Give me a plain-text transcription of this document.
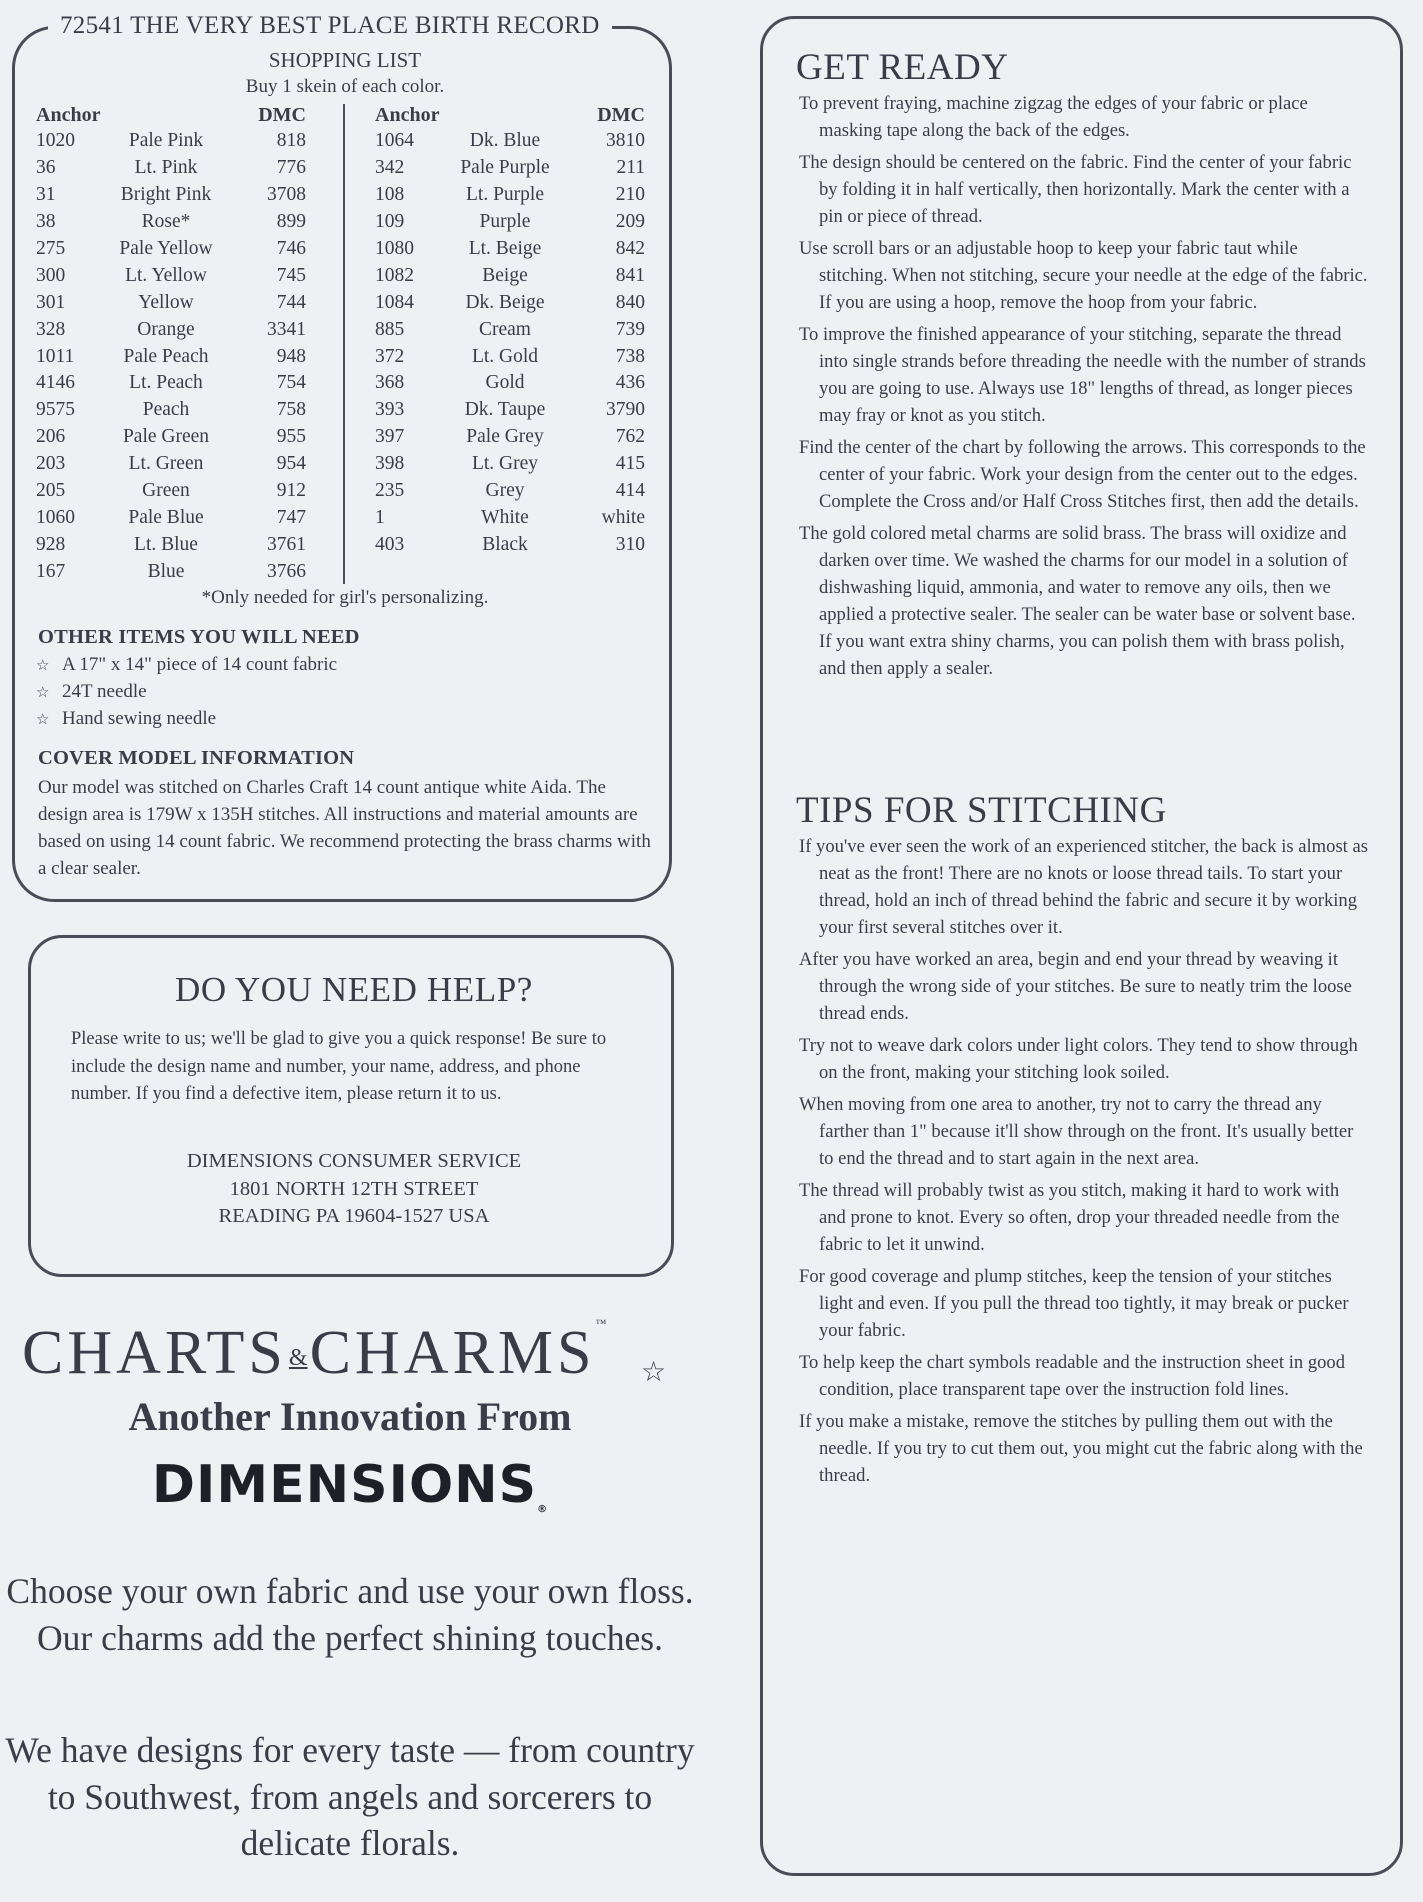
72541 THE VERY BEST PLACE BIRTH RECORD
SHOPPING LIST
Buy 1 skein of each color.
Anchor		DMC
1020	Pale Pink	818
36	Lt. Pink	776
31	Bright Pink	3708
38	Rose*	899
275	Pale Yellow	746
300	Lt. Yellow	745
301	Yellow	744
328	Orange	3341
1011	Pale Peach	948
4146	Lt. Peach	754
9575	Peach	758
206	Pale Green	955
203	Lt. Green	954
205	Green	912
1060	Pale Blue	747
928	Lt. Blue	3761
167	Blue	3766
Anchor		DMC
1064	Dk. Blue	3810
342	Pale Purple	211
108	Lt. Purple	210
109	Purple	209
1080	Lt. Beige	842
1082	Beige	841
1084	Dk. Beige	840
885	Cream	739
372	Lt. Gold	738
368	Gold	436
393	Dk. Taupe	3790
397	Pale Grey	762
398	Lt. Grey	415
235	Grey	414
1	White	white
403	Black	310
*Only needed for girl's personalizing.
OTHER ITEMS YOU WILL NEED
☆ A 17" x 14" piece of 14 count fabric
☆ 24T needle
☆ Hand sewing needle
COVER MODEL INFORMATION
Our model was stitched on Charles Craft 14 count antique white Aida. The design area is 179W x 135H stitches. All instructions and material amounts are based on using 14 count fabric. We recommend protecting the brass charms with a clear sealer.
DO YOU NEED HELP?
Please write to us; we'll be glad to give you a quick response! Be sure to include the design name and number, your name, address, and phone number. If you find a defective item, please return it to us.
DIMENSIONS CONSUMER SERVICE
1801 NORTH 12TH STREET
READING PA 19604-1527 USA
CHARTS&CHARMS™
☆
Another Innovation From
DIMENSIONS®
Choose your own fabric and use your own floss. Our charms add the perfect shining touches.
We have designs for every taste — from country to Southwest, from angels and sorcerers to delicate florals.
GET READY

To prevent fraying, machine zigzag the edges of your fabric or place masking tape along the back of the edges.

The design should be centered on the fabric. Find the center of your fabric by folding it in half vertically, then horizontally. Mark the center with a pin or piece of thread.

Use scroll bars or an adjustable hoop to keep your fabric taut while stitching. When not stitching, secure your needle at the edge of the fabric. If you are using a hoop, remove the hoop from your fabric.

To improve the finished appearance of your stitching, separate the thread into single strands before threading the needle with the number of strands you are going to use. Always use 18" lengths of thread, as longer pieces may fray or knot as you stitch.

Find the center of the chart by following the arrows. This corresponds to the center of your fabric. Work your design from the center out to the edges. Complete the Cross and/or Half Cross Stitches first, then add the details.

The gold colored metal charms are solid brass. The brass will oxidize and darken over time. We washed the charms for our model in a solution of dishwashing liquid, ammonia, and water to remove any oils, then we applied a protective sealer. The sealer can be water base or solvent base. If you want extra shiny charms, you can polish them with brass polish, and then apply a sealer.

TIPS FOR STITCHING

If you've ever seen the work of an experienced stitcher, the back is almost as neat as the front! There are no knots or loose thread tails. To start your thread, hold an inch of thread behind the fabric and secure it by working your first several stitches over it.

After you have worked an area, begin and end your thread by weaving it through the wrong side of your stitches. Be sure to neatly trim the loose thread ends.

Try not to weave dark colors under light colors. They tend to show through on the front, making your stitching look soiled.

When moving from one area to another, try not to carry the thread any farther than 1" because it'll show through on the front. It's usually better to end the thread and to start again in the next area.

The thread will probably twist as you stitch, making it hard to work with and prone to knot. Every so often, drop your threaded needle from the fabric to let it unwind.

For good coverage and plump stitches, keep the tension of your stitches light and even. If you pull the thread too tightly, it may break or pucker your fabric.

To help keep the chart symbols readable and the instruction sheet in good condition, place transparent tape over the instruction fold lines.

If you make a mistake, remove the stitches by pulling them out with the needle. If you try to cut them out, you might cut the fabric along with the thread.
